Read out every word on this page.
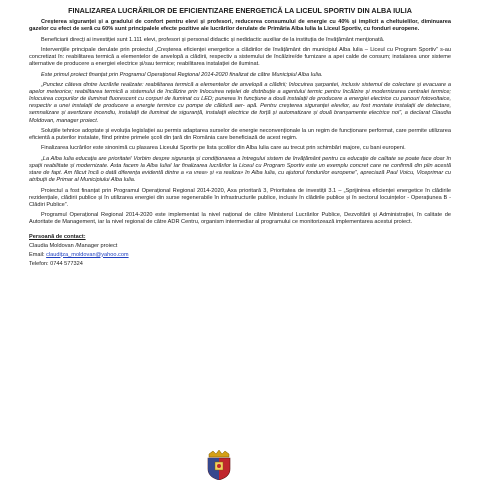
FINALIZAREA LUCRĂRILOR DE EFICIENTIZARE ENERGETICĂ LA LICEUL SPORTIV DIN ALBA IULIA

Creșterea siguranței și a gradului de confort pentru elevi și profesori, reducerea consumului de energie cu 40% și implicit a cheltuielilor, diminuarea gazelor cu efect de seră cu 60% sunt principalele efecte pozitive ale lucrărilor derulate de Primăria Alba Iulia la Liceul Sportiv, cu fonduri europene.

Beneficiarii direcți ai investiției sunt 1.111 elevi, profesori și personal didactic și nedidactic auxiliar de la instituția de învățământ menționată.

Intervențiile principale derulate prin proiectul „Creșterea eficienței energetice a clădirilor de învățământ din municipiul Alba Iulia – Liceul cu Program Sportiv” s-au concretizat în: reabilitarea termică a elementelor de anvelopă a clădirii, respectiv a sistemului de încălzire/de furnizare a apei calde de consum; instalarea unor sisteme alternative de producere a energiei electrice și/sau termice; reabilitarea instalației de iluminat.

Este primul proiect finanțat prin Programul Operațional Regional 2014-2020 finalizat de către Municipiul Alba Iulia.

„Punctez câteva dintre lucrările realizate: reabilitarea termică a elementelor de anvelopă a clădirii; înlocuirea șarpantei, inclusiv sistemul de colectare și evacuare a apelor meteorice; reabilitarea termică a sistemului de încălzire prin înlocuirea rețelei de distribuție a agentului termic pentru încălzire și modernizarea centralei termice; înlocuirea corpurilor de iluminat fluorescent cu corpuri de iluminat cu LED; punerea în funcțiune a două instalații de producere a energiei electrice cu panouri fotovoltaice, respectiv a unei instalații de producere a energie termice cu pompe de căldură aer- apă. Pentru creșterea siguranței elevilor, au fost montate instalații de detectare, semnalizare și avertizare incendiu, instalații de iluminat de siguranță, instalații electrice de forță și automatizare și două branșamente electrice noi”, a declarat Claudia Moldovan, manager proiect.

Soluțiile tehnice adoptate și evoluția legislației au permis adaptarea surselor de energie neconvenționale la un regim de funcționare performat, care permite utilizarea eficientă a puterilor instalate, fiind printre primele școli din țară din România care beneficiază de acest regim.

Finalizarea lucrărilor este sinonimă cu plasarea Liceului Sportiv pe lista școlilor din Alba Iulia care au trecut prin schimbări majore, cu bani europeni.

„La Alba Iulia educația are prioritate! Vorbim despre siguranța și condiționarea a întregului sistem de învățământ pentru ca educație de calitate se poate face doar în spații reabilitate și modernizate. Asta facem la Alba Iulia! Iar finalizarea lucrărilor la Liceul cu Program Sportiv este un exemplu concret care ne confirmă din plin acestă stare de fapt. Am făcut încă o dată diferența evidentă dintre a «a vrea» și «a realiza» în Alba Iulia, cu ajutorul fondurilor europene”, apreciază Paul Voicu, Viceprimar cu atribuții de Primar al Municipiului Alba Iulia.

Proiectul a fost finanțat prin Programul Operațional Regional 2014-2020, Axa prioritară 3, Prioritatea de investiții 3.1 – „Sprijinirea eficienței energetice în clădirile rezidențiale, clădirii publice și în utilizarea energiei din surse regenerabile în infrastructurile publice, inclusiv în clădirile publice și în sectorul locuințelor - Operațiunea B - Clădiri Publice”.

Programul Operațional Regional 2014-2020 este implementat la nivel național de către Ministerul Lucrărilor Publice, Dezvoltării și Administrației, în calitate de Autoritate de Management, iar la nivel regional de către ADR Centru, organism intermediar al programului ce monitorizează implementarea acestui proiect.

Persoană de contact:
Claudia Moldovan /Manager proiect
Email: claudițza_moldovan@yahoo.com
Telefon: 0744 577324
